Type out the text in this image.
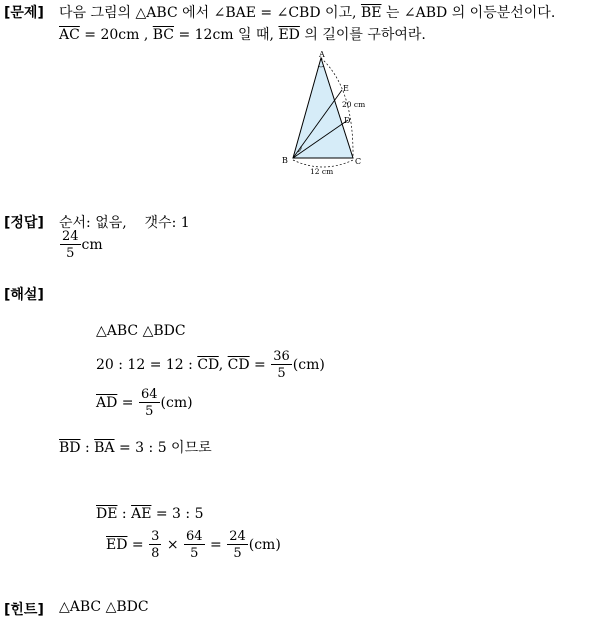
[문제] 다음 그림의 △ABC 에서 ∠BAE = ∠CBD 이고, $\overline{BE}$ 는 ∠ABD 의 이등분선이다.
$\overline{AC} = 20cm$ , $\overline{BC} = 12cm$ 일 때, $\overline{ED}$ 의 길이를 구하여라.
A
E
D
B	C
20 cm
12 cm
[정답] 순서: 없음, 갯수: 1
$\frac{24}{5}$ cm
[해설]
△ABC △BDC
20 : 12 = 12 : $\overline{CD}$, $\overline{CD} = \frac{36}{5} (cm)$
$\overline{AD} = \frac{64}{5} (cm)$
$\overline{BD}$ : $\overline{BA} = 3$ : 5 이므로
$\overline{DE}$ : $\overline{AE} = 3$ : 5
$\overline{ED} = \frac{3}{8} \times \frac{64}{5} = \frac{24}{5} (cm)$
[힌트] △ABC △BDC
